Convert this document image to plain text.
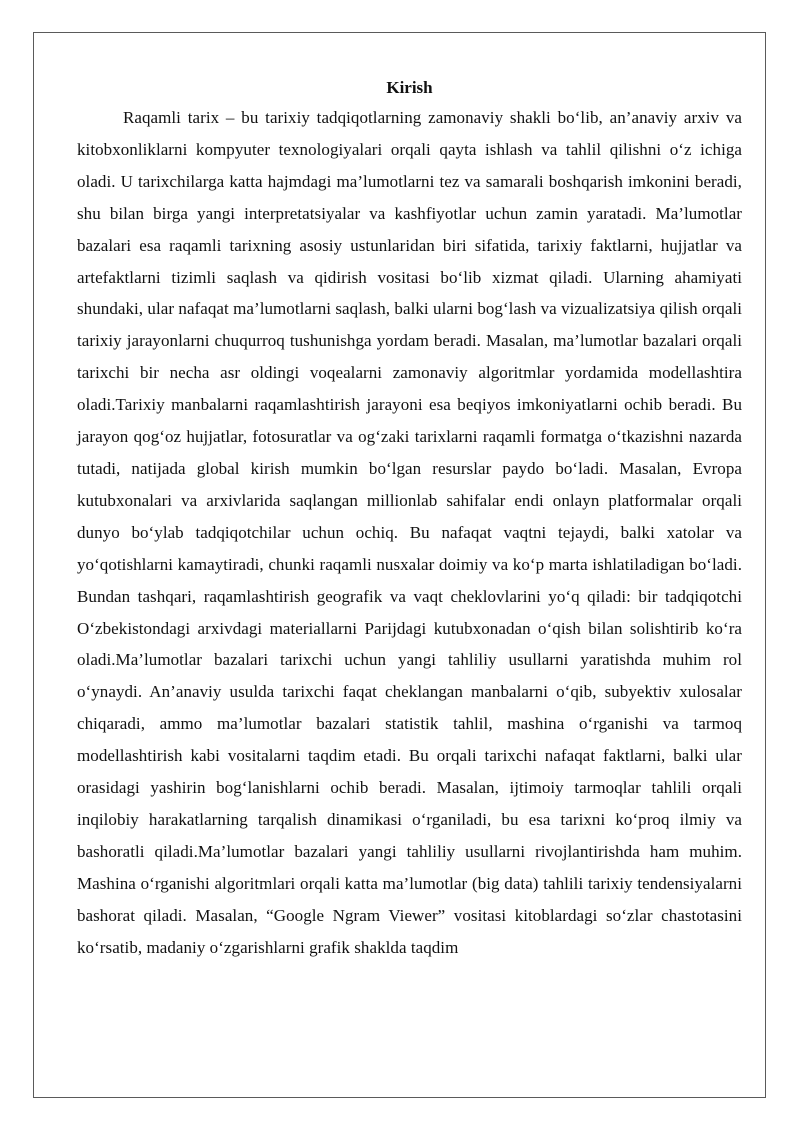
Kirish

Raqamli tarix – bu tarixiy tadqiqotlarning zamonaviy shakli bo‘lib, an’anaviy arxiv va kitobxonliklarni kompyuter texnologiyalari orqali qayta ishlash va tahlil qilishni o‘z ichiga oladi. U tarixchilarga katta hajmdagi ma’lumotlarni tez va samarali boshqarish imkonini beradi, shu bilan birga yangi interpretatsiyalar va kashfiyotlar uchun zamin yaratadi. Ma’lumotlar bazalari esa raqamli tarixning asosiy ustunlaridan biri sifatida, tarixiy faktlarni, hujjatlar va artefaktlarni tizimli saqlash va qidirish vositasi bo‘lib xizmat qiladi. Ularning ahamiyati shundaki, ular nafaqat ma’lumotlarni saqlash, balki ularni bog‘lash va vizualizatsiya qilish orqali tarixiy jarayonlarni chuqurroq tushunishga yordam beradi. Masalan, ma’lumotlar bazalari orqali tarixchi bir necha asr oldingi voqealarni zamonaviy algoritmlar yordamida modellashtira oladi.Tarixiy manbalarni raqamlashtirish jarayoni esa beqiyos imkoniyatlarni ochib beradi. Bu jarayon qog‘oz hujjatlar, fotosuratlar va og‘zaki tarixlarni raqamli formatga o‘tkazishni nazarda tutadi, natijada global kirish mumkin bo‘lgan resurslar paydo bo‘ladi. Masalan, Evropa kutubxonalari va arxivlarida saqlangan millionlab sahifalar endi onlayn platformalar orqali dunyo bo‘ylab tadqiqotchilar uchun ochiq. Bu nafaqat vaqtni tejaydi, balki xatolar va yo‘qotishlarni kamaytiradi, chunki raqamli nusxalar doimiy va ko‘p marta ishlatiladigan bo‘ladi. Bundan tashqari, raqamlashtirish geografik va vaqt cheklovlarini yo‘q qiladi: bir tadqiqotchi O‘zbekistondagi arxivdagi materiallarni Parijdagi kutubxonadan o‘qish bilan solishtirib ko‘ra oladi.Ma’lumotlar bazalari tarixchi uchun yangi tahliliy usullarni yaratishda muhim rol o‘ynaydi. An’anaviy usulda tarixchi faqat cheklangan manbalarni o‘qib, subyektiv xulosalar chiqaradi, ammo ma’lumotlar bazalari statistik tahlil, mashina o‘rganishi va tarmoq modellashtirish kabi vositalarni taqdim etadi. Bu orqali tarixchi nafaqat faktlarni, balki ular orasidagi yashirin bog‘lanishlarni ochib beradi. Masalan, ijtimoiy tarmoqlar tahlili orqali inqilobiy harakatlarning tarqalish dinamikasi o‘rganiladi, bu esa tarixni ko‘proq ilmiy va bashoratli qiladi.Ma’lumotlar bazalari yangi tahliliy usullarni rivojlantirishda ham muhim. Mashina o‘rganishi algoritmlari orqali katta ma’lumotlar (big data) tahlili tarixiy tendensiyalarni bashorat qiladi. Masalan, “Google Ngram Viewer” vositasi kitoblardagi so‘zlar chastotasini ko‘rsatib, madaniy o‘zgarishlarni grafik shaklda taqdim
